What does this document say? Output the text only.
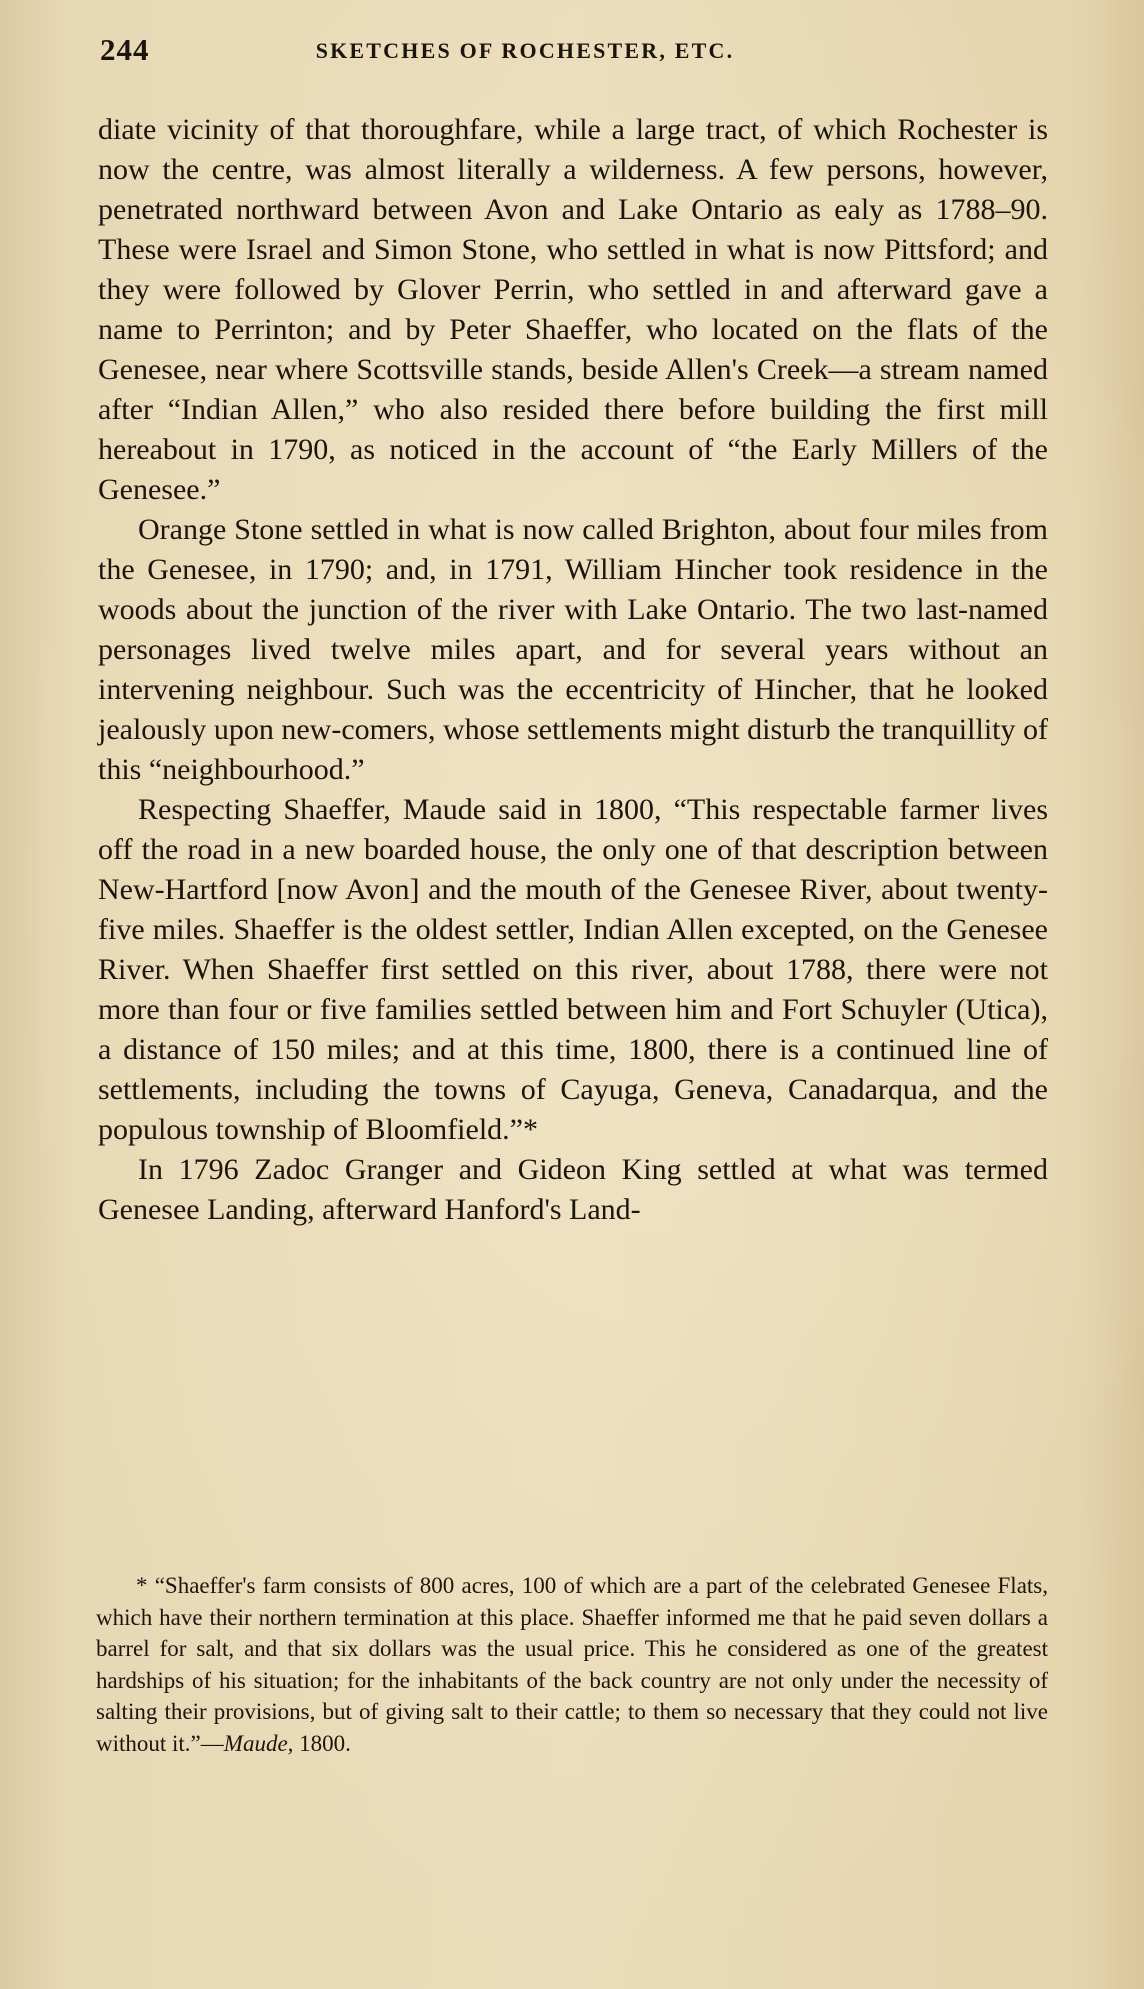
244	SKETCHES OF ROCHESTER, ETC.

diate vicinity of that thoroughfare, while a large tract, of which Rochester is now the centre, was almost literally a wilderness. A few persons, however, penetrated northward between Avon and Lake Ontario as ealy as 1788–90. These were Israel and Simon Stone, who settled in what is now Pittsford; and they were followed by Glover Perrin, who settled in and afterward gave a name to Perrinton; and by Peter Shaeffer, who located on the flats of the Genesee, near where Scottsville stands, beside Allen's Creek—a stream named after “Indian Allen,” who also resided there before building the first mill hereabout in 1790, as noticed in the account of “the Early Millers of the Genesee.”

Orange Stone settled in what is now called Brighton, about four miles from the Genesee, in 1790; and, in 1791, William Hincher took residence in the woods about the junction of the river with Lake Ontario. The two last-named personages lived twelve miles apart, and for several years without an intervening neighbour. Such was the eccentricity of Hincher, that he looked jealously upon new-comers, whose settlements might disturb the tranquillity of this “neighbourhood.”

Respecting Shaeffer, Maude said in 1800, “This respectable farmer lives off the road in a new boarded house, the only one of that description between New-Hartford [now Avon] and the mouth of the Genesee River, about twenty-five miles. Shaeffer is the oldest settler, Indian Allen excepted, on the Genesee River. When Shaeffer first settled on this river, about 1788, there were not more than four or five families settled between him and Fort Schuyler (Utica), a distance of 150 miles; and at this time, 1800, there is a continued line of settlements, including the towns of Cayuga, Geneva, Canadarqua, and the populous township of Bloomfield.”*

In 1796 Zadoc Granger and Gideon King settled at what was termed Genesee Landing, afterward Hanford's Land-

* “Shaeffer's farm consists of 800 acres, 100 of which are a part of the celebrated Genesee Flats, which have their northern termination at this place. Shaeffer informed me that he paid seven dollars a barrel for salt, and that six dollars was the usual price. This he considered as one of the greatest hardships of his situation; for the inhabitants of the back country are not only under the necessity of salting their provisions, but of giving salt to their cattle; to them so necessary that they could not live without it.”—Maude, 1800.
